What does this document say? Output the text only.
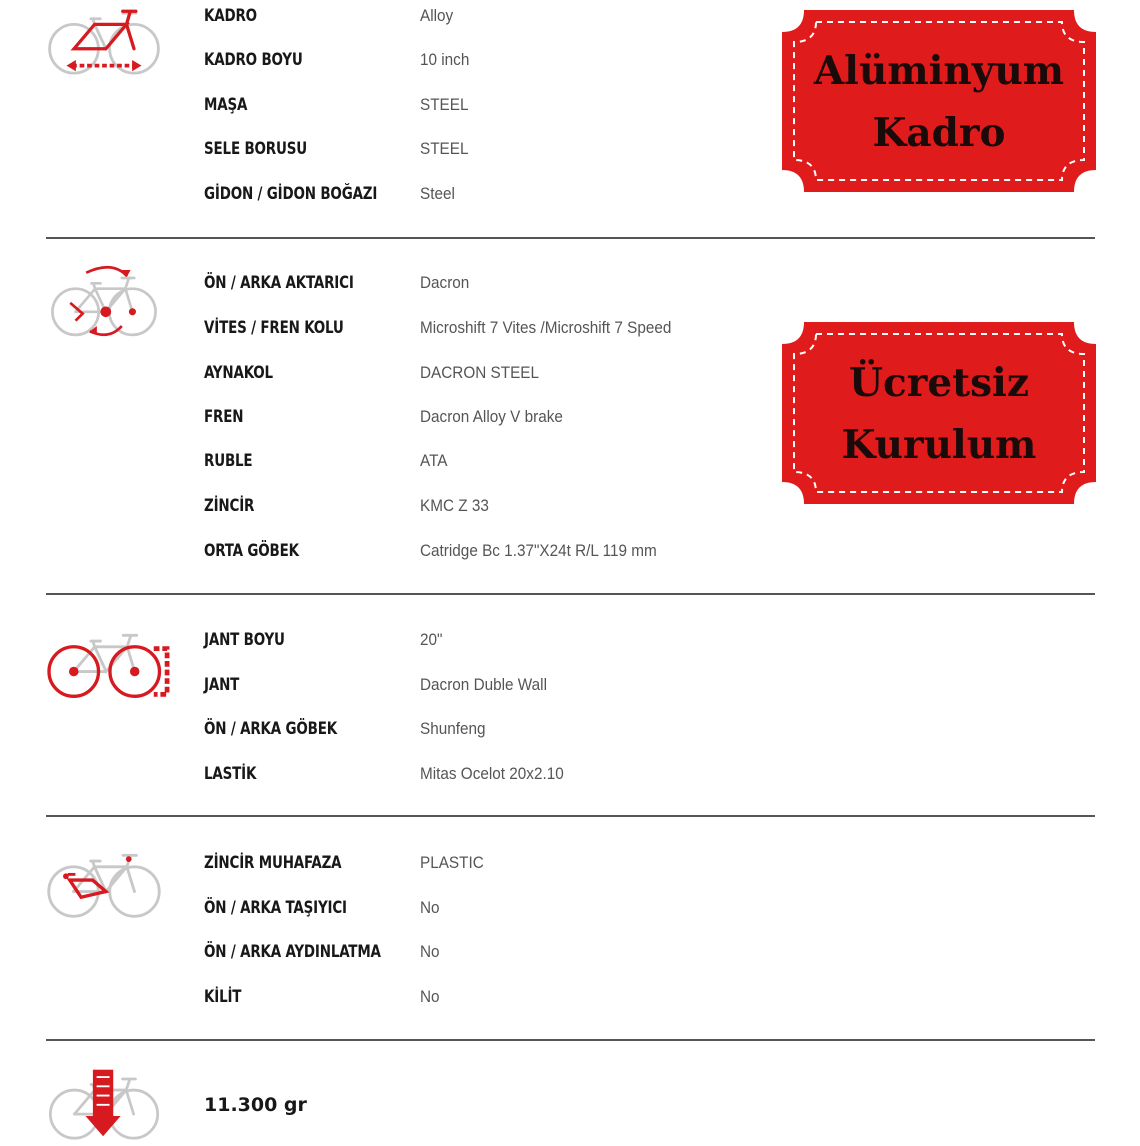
KADRO	Alloy
KADRO BOYU	10 inch
MAŞA	STEEL
SELE BORUSU	STEEL
GİDON / GİDON BOĞAZI	Steel
ÖN / ARKA AKTARICI	Dacron
VİTES / FREN KOLU	Microshift 7 Vites /Microshift 7 Speed
AYNAKOL	DACRON STEEL
FREN	Dacron Alloy V brake
RUBLE	ATA
ZİNCİR	KMC Z 33
ORTA GÖBEK	Catridge Bc 1.37"X24t R/L 119 mm
JANT BOYU	20"
JANT	Dacron Duble Wall
ÖN / ARKA GÖBEK	Shunfeng
LASTİK	Mitas Ocelot 20x2.10
ZİNCİR MUHAFAZA	PLASTIC
ÖN / ARKA TAŞIYICI	No
ÖN / ARKA AYDINLATMA	No
KİLİT	No
11.300 gr
Alüminyum
Kadro
Ücretsiz
Kurulum
